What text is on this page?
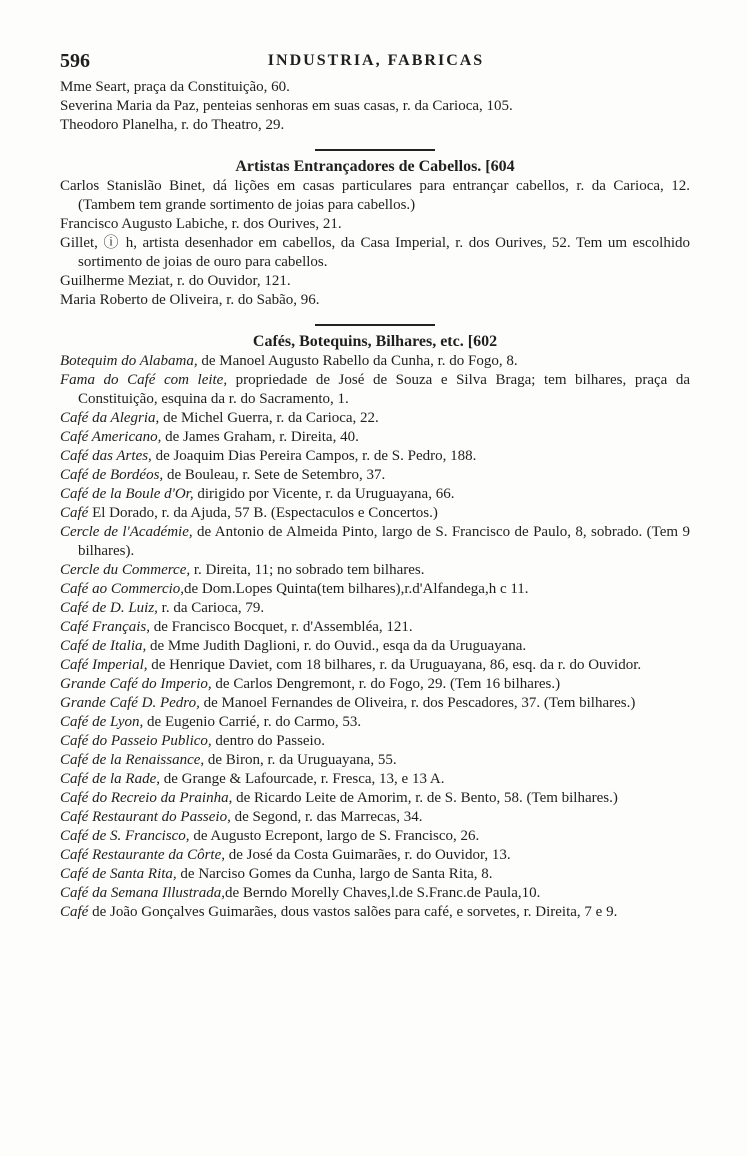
596	INDUSTRIA, FABRICAS
Mme Seart, praça da Constituição, 60.
Severina Maria da Paz, penteias senhoras em suas casas, r. da Carioca, 105.
Theodoro Planelha, r. do Theatro, 29.
Artistas Entrançadores de Cabellos. [604
Carlos Stanislão Binet, dá lições em casas particulares para entrançar cabellos, r. da Carioca, 12. (Tambem tem grande sortimento de joias para cabellos.)
Francisco Augusto Labiche, r. dos Ourives, 21.
Gillet, ⓘ h, artista desenhador em cabellos, da Casa Imperial, r. dos Ourives, 52. Tem um escolhido sortimento de joias de ouro para cabellos.
Guilherme Meziat, r. do Ouvidor, 121.
Maria Roberto de Oliveira, r. do Sabão, 96.
Cafés, Botequins, Bilhares, etc. [602
Botequim do Alabama, de Manoel Augusto Rabello da Cunha, r. do Fogo, 8.
Fama do Café com leite, propriedade de José de Souza e Silva Braga; tem bilhares, praça da Constituição, esquina da r. do Sacramento, 1.
Café da Alegria, de Michel Guerra, r. da Carioca, 22.
Café Americano, de James Graham, r. Direita, 40.
Café das Artes, de Joaquim Dias Pereira Campos, r. de S. Pedro, 188.
Café de Bordéos, de Bouleau, r. Sete de Setembro, 37.
Café de la Boule d'Or, dirigido por Vicente, r. da Uruguayana, 66.
Café El Dorado, r. da Ajuda, 57 B. (Espectaculos e Concertos.)
Cercle de l'Académie, de Antonio de Almeida Pinto, largo de S. Francisco de Paulo, 8, sobrado. (Tem 9 bilhares).
Cercle du Commerce, r. Direita, 11; no sobrado tem bilhares.
Café ao Commercio,de Dom.Lopes Quinta(tem bilhares),r.d'Alfandega,h c 11.
Café de D. Luiz, r. da Carioca, 79.
Café Français, de Francisco Bocquet, r. d'Assembléa, 121.
Café de Italia, de Mme Judith Daglioni, r. do Ouvid., esqa da da Uruguayana.
Café Imperial, de Henrique Daviet, com 18 bilhares, r. da Uruguayana, 86, esq. da r. do Ouvidor.
Grande Café do Imperio, de Carlos Dengremont, r. do Fogo, 29. (Tem 16 bilhares.)
Grande Café D. Pedro, de Manoel Fernandes de Oliveira, r. dos Pescadores, 37. (Tem bilhares.)
Café de Lyon, de Eugenio Carrié, r. do Carmo, 53.
Café do Passeio Publico, dentro do Passeio.
Café de la Renaissance, de Biron, r. da Uruguayana, 55.
Café de la Rade, de Grange & Lafourcade, r. Fresca, 13, e 13 A.
Café do Recreio da Prainha, de Ricardo Leite de Amorim, r. de S. Bento, 58. (Tem bilhares.)
Café Restaurant do Passeio, de Segond, r. das Marrecas, 34.
Café de S. Francisco, de Augusto Ecrepont, largo de S. Francisco, 26.
Café Restaurante da Côrte, de José da Costa Guimarães, r. do Ouvidor, 13.
Café de Santa Rita, de Narciso Gomes da Cunha, largo de Santa Rita, 8.
Café da Semana Illustrada,de Berndo Morelly Chaves,l.de S.Franc.de Paula,10.
Café de João Gonçalves Guimarães, dous vastos salões para café, e sorvetes, r. Direita, 7 e 9.
